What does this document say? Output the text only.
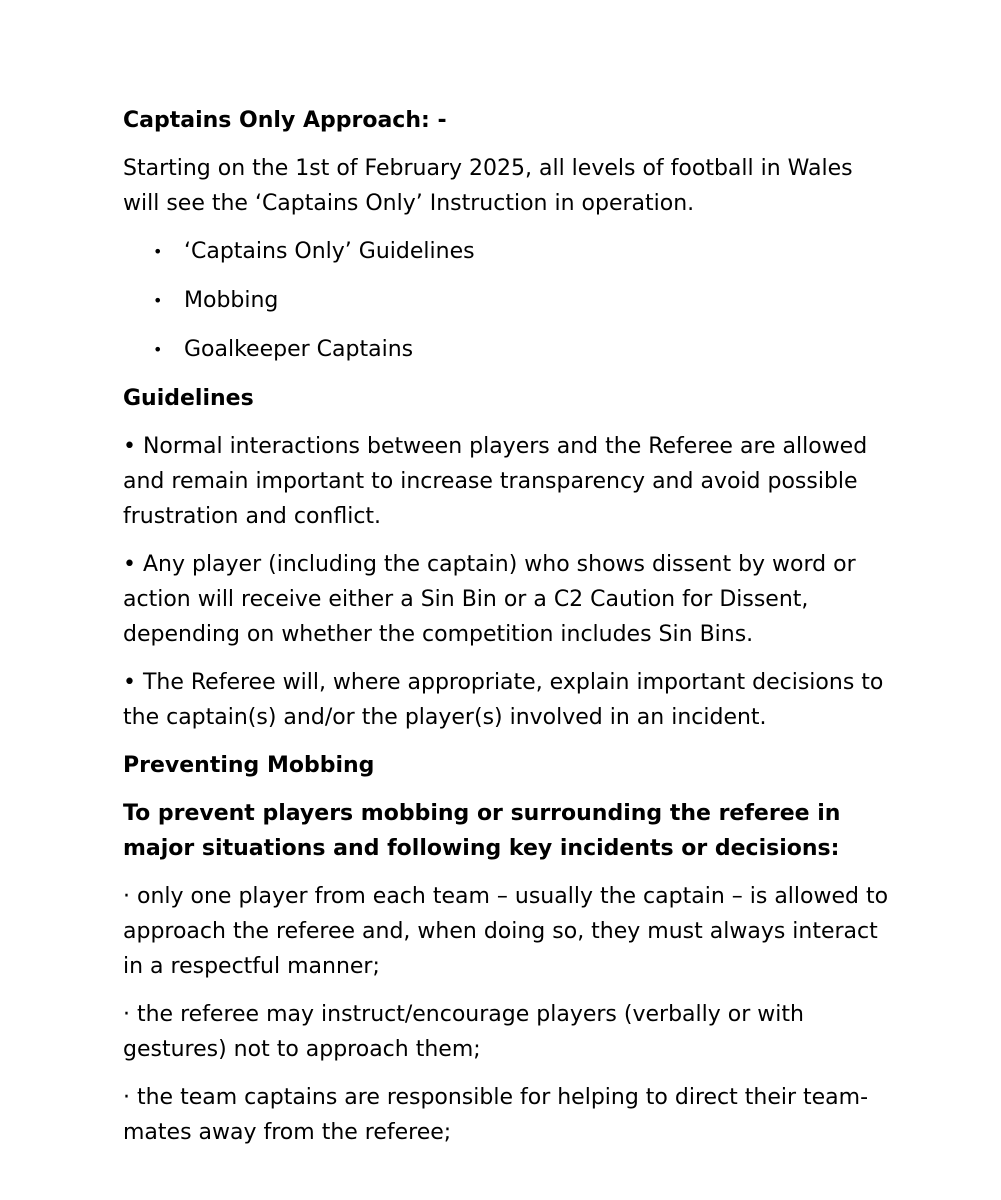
Captains Only Approach: -
Starting on the 1st of February 2025, all levels of football in Wales will see the ‘Captains Only’ Instruction in operation.
• ‘Captains Only’ Guidelines
• Mobbing
• Goalkeeper Captains
Guidelines
• Normal interactions between players and the Referee are allowed and remain important to increase transparency and avoid possible frustration and conflict.
• Any player (including the captain) who shows dissent by word or action will receive either a Sin Bin or a C2 Caution for Dissent, depending on whether the competition includes Sin Bins.
• The Referee will, where appropriate, explain important decisions to the captain(s) and/or the player(s) involved in an incident.
Preventing Mobbing
To prevent players mobbing or surrounding the referee in major situations and following key incidents or decisions:
· only one player from each team – usually the captain – is allowed to approach the referee and, when doing so, they must always interact in a respectful manner;
· the referee may instruct/encourage players (verbally or with gestures) not to approach them;
· the team captains are responsible for helping to direct their team-mates away from the referee;
